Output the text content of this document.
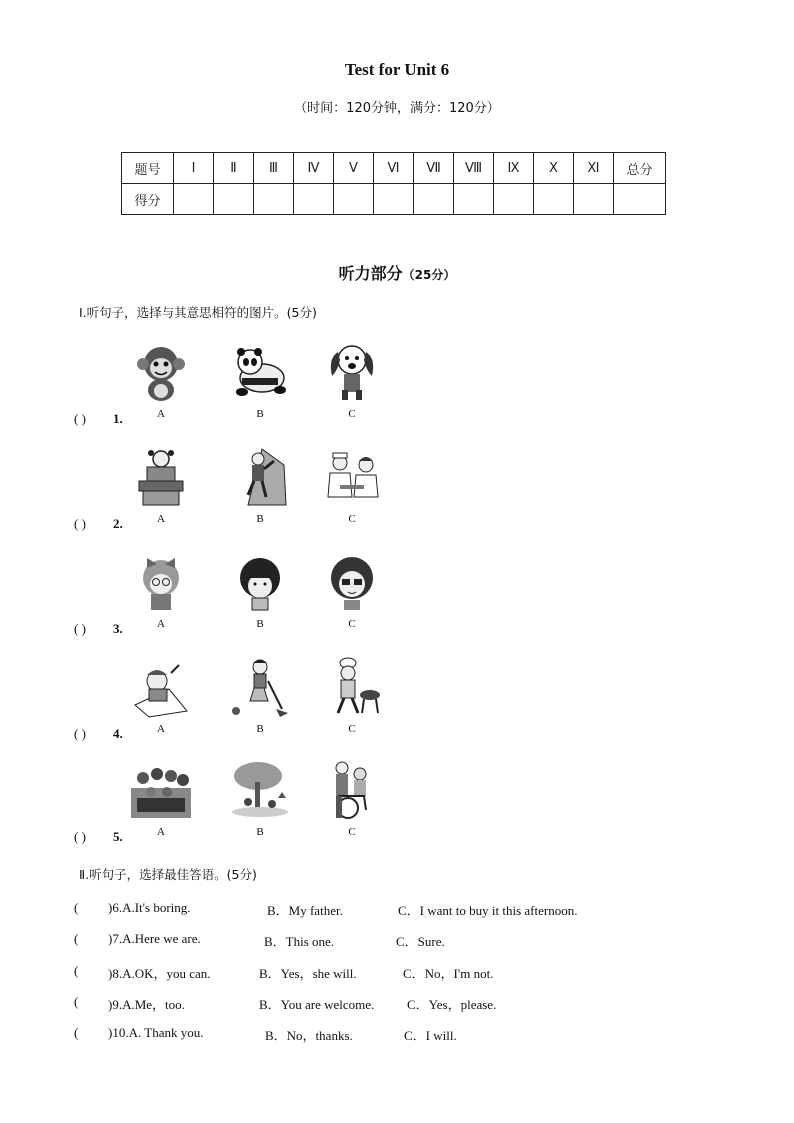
Test for Unit 6
（时间：120分钟，满分：120分）
题号	Ⅰ	Ⅱ	Ⅲ	Ⅳ	Ⅴ	Ⅵ	Ⅶ	Ⅷ	Ⅸ	Ⅹ	Ⅺ	总分
得分												
听力部分（25分）
Ⅰ.听句子，选择与其意思相符的图片。(5分)
A	B	C
( ) 1.
A	B	C
( ) 2.
A	B	C
( ) 3.
A	B	C
( ) 4.
A	B	C
( ) 5.
Ⅱ.听句子，选择最佳答语。(5分)
( )6.A.It's boring.	B．My father.	C．I want to buy it this afternoon.
( )7.A.Here we are.	B．This one.	C．Sure.
( )8.A.OK，you can.	B．Yes，she will.	C．No，I'm not.
( )9.A.Me，too.	B．You are welcome.	C．Yes，please.
( )10.A. Thank you.	B．No，thanks.	C．I will.
